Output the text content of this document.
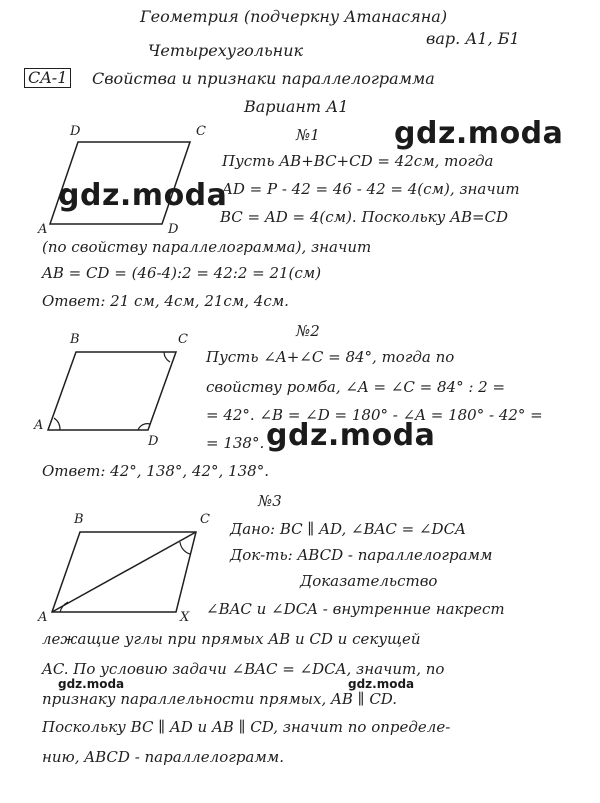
Геометрия (подчеркну Атанасяна)
вар. А1, Б1
Четырехугольник
CA-1 Свойства и признаки параллелограмма
Вариант А1
D	C
A	D
№1
Пусть AB+BC+CD = 42см, тогда
AD = P - 42 = 46 - 42 = 4(см), значит
BC = AD = 4(см). Поскольку AB=CD
(по свойству параллелограмма), значит
AB = CD = (46-4):2 = 42:2 = 21(см)
Ответ: 21 см, 4см, 21см, 4см.
B	C
A
D
№2
Пусть ∠A+∠C = 84°, тогда по
свойству ромба, ∠A = ∠C = 84° : 2 =
= 42°. ∠B = ∠D = 180° - ∠A = 180° - 42° =
= 138°.
Ответ: 42°, 138°, 42°, 138°.
B	C
A	X
№3
Дано: BC ∥ AD, ∠BAC = ∠DCA
Док-ть: ABCD - параллелограмм
Доказательство
∠BAC и ∠DCA - внутренние накрест
лежащие углы при прямых AB и CD и секущей
AC. По условию задачи ∠BAC = ∠DCA, значит, по
признаку параллельности прямых, AB ∥ CD.
Поскольку BC ∥ AD и AB ∥ CD, значит по определе-
нию, ABCD - параллелограмм.
gdz.moda
gdz.moda
gdz.moda
gdz.moda	gdz.moda
